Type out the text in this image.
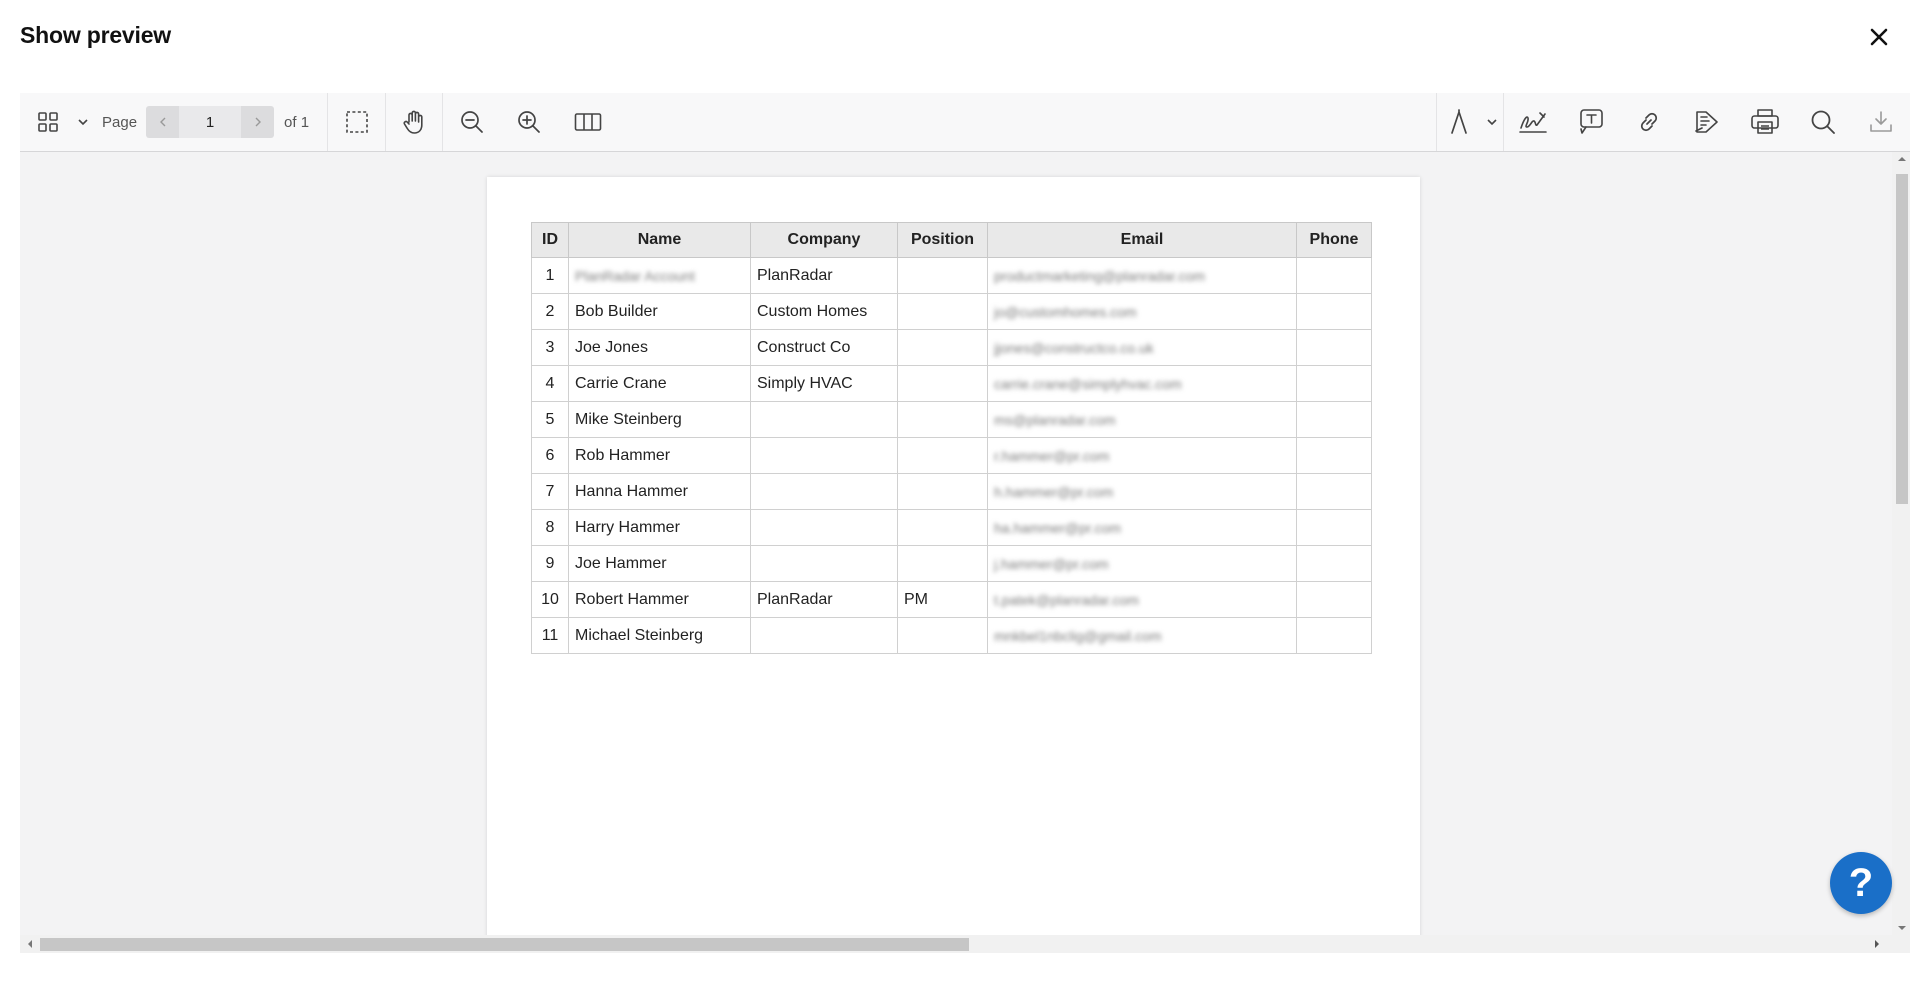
Show preview
Page
1	of 1
ID	Name	Company	Position	Email	Phone
1	PlanRadar Account	PlanRadar		productmarketing@planradar.com	
2	Bob Builder	Custom Homes		jo@customhomes.com	
3	Joe Jones	Construct Co		jjones@constructco.co.uk	
4	Carrie Crane	Simply HVAC		carrie.crane@simplyhvac.com	
5	Mike Steinberg			ms@planradar.com	
6	Rob Hammer			r.hammer@pr.com	
7	Hanna Hammer			h.hammer@pr.com	
8	Harry Hammer			ha.hammer@pr.com	
9	Joe Hammer			j.hammer@pr.com	
10	Robert Hammer	PlanRadar	PM	t.patek@planradar.com	
11	Michael Steinberg			mnkbel1nbclig@gmail.com	
?
